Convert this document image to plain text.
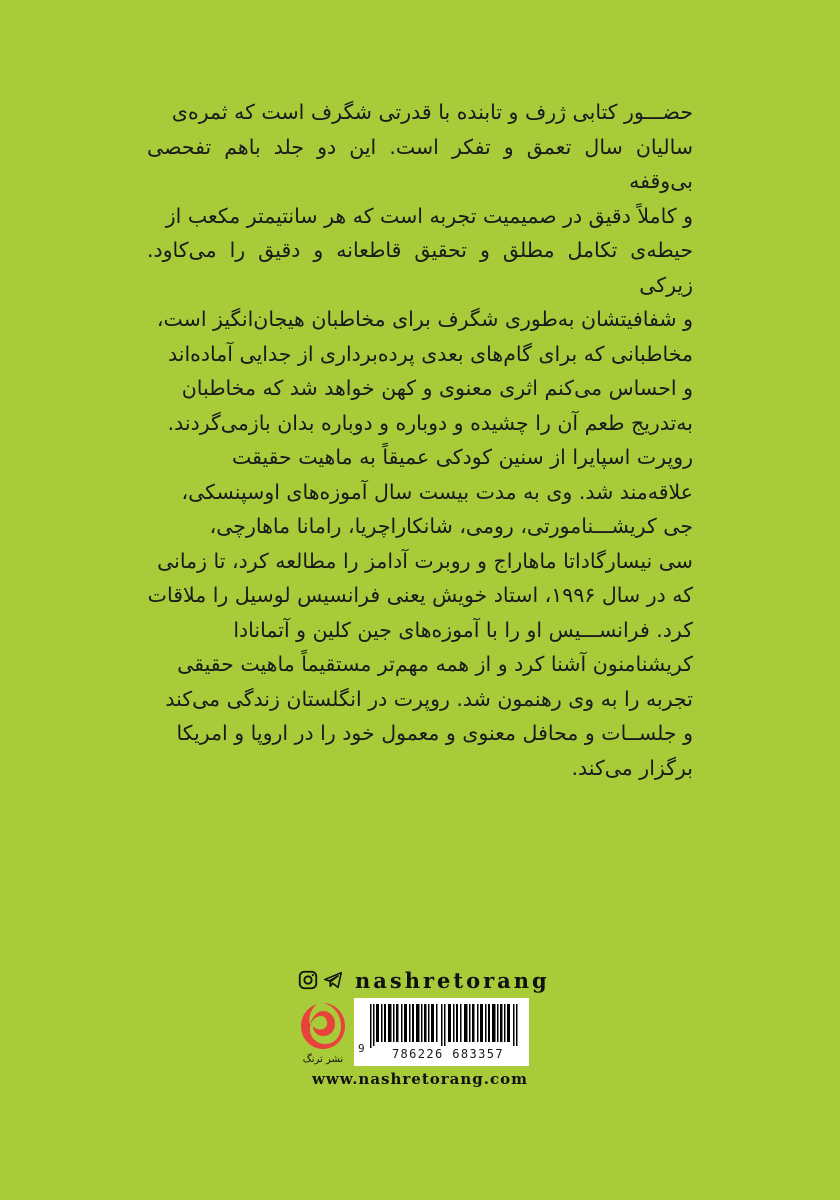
حضـــور کتابی ژرف و تابنده با قدرتی شگرف است که ثمره‌ی

سالیان سال تعمق و تفکر است. این دو جلد باهم تفحصی بی‌وقفه

و کاملاً دقیق در صمیمیت تجربه است که هر سانتیمتر مکعب از

حیطه‌ی تکامل مطلق و تحقیق قاطعانه و دقیق را می‌کاود. زیرکی

و شفافیتشان به‌طوری شگرف برای مخاطبان هیجان‌انگیز است،

مخاطبانی که برای گام‌های بعدی پرده‌برداری از جدایی آماده‌اند

و احساس می‌کنم اثری معنوی و کهن خواهد شد که مخاطبان

به‌تدریج طعم آن را چشیده و دوباره و دوباره بدان بازمی‌گردند.

روپرت اسپایرا از سنین کودکی عمیقاً به ماهیت حقیقت

علاقه‌مند شد. وی به مدت بیست سال آموزه‌های اوسپنسکی،

جی کریشـــنامورتی، رومی، شانکاراچریا، رامانا ماهارچی،

سی نیسارگاداتا ماهاراج و روبرت آدامز را مطالعه کرد، تا زمانی

که در سال ۱۹۹۶، استاد خویش یعنی فرانسیس لوسیل را ملاقات

کرد. فرانســـیس او را با آموزه‌های جین کلین و آتمانادا

کریشنامنون آشنا کرد و از همه مهم‌تر مستقیماً ماهیت حقیقی

تجربه را به وی رهنمون شد. روپرت در انگلستان زندگی می‌کند

و جلســات و محافل معنوی و معمول خود را در اروپا و امریکا

برگزار می‌کند.

nashretorang
نشر ترنگ
9	786226 683357
www.nashretorang.com
